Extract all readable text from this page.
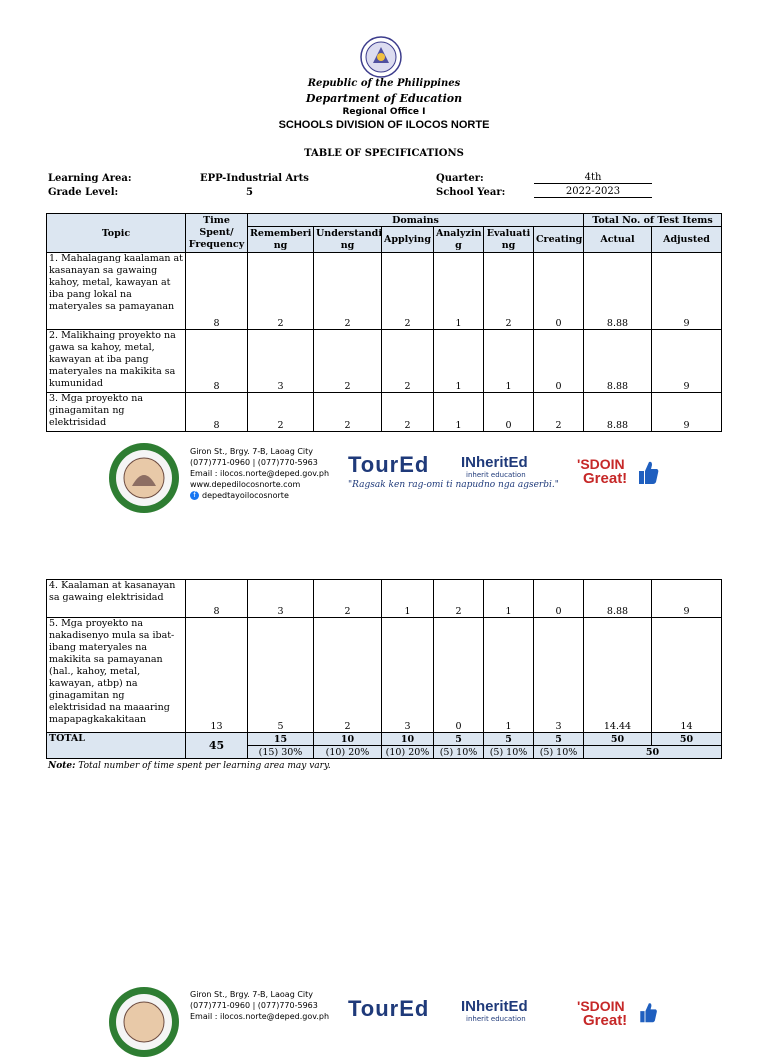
Republic of the Philippines
Department of Education
Regional Office I
SCHOOLS DIVISION OF ILOCOS NORTE
TABLE OF SPECIFICATIONS
Learning Area:	EPP-Industrial Arts
Grade Level:	5
Quarter:	4th
School Year:	2022-2023
Topic	Time Spent/ Frequency	Domains						Total No. of Test Items	
		Rememberi ng	Understandi ng	Applying	Analyzin g	Evaluati ng	Creating	Actual	Adjusted
1. Mahalagang kaalaman at kasanayan sa gawaing kahoy, metal, kawayan at iba pang lokal na materyales sa pamayanan	8	2	2	2	1	2	0	8.88	9
2. Malikhaing proyekto na gawa sa kahoy, metal, kawayan at iba pang materyales na makikita sa kumunidad	8	3	2	2	1	1	0	8.88	9
3. Mga proyekto na ginagamitan ng elektrisidad	8	2	2	2	1	0	2	8.88	9
Giron St., Brgy. 7-B, Laoag City
(077)771-0960 | (077)770-5963
Email : ilocos.norte@deped.gov.ph
www.depedilocosnorte.com
f depedtayoilocosnorte
TourEd INheritEd
inherit education
"Ragsak ken rag-omi ti napudno nga agserbi."
'SDOIN
Great!
4. Kaalaman at kasanayan sa gawaing elektrisidad	8	3	2	1	2	1	0	8.88	9
5. Mga proyekto na nakadisenyo mula sa ibat-ibang materyales na makikita sa pamayanan (hal., kahoy, metal, kawayan, atbp) na ginagamitan ng elektrisidad na maaaring mapapagkakakitaan	13	5	2	3	0	1	3	14.44	14
TOTAL	45	15	10	10	5	5	5	50	50
		(15) 30%	(10) 20%	(10) 20%	(5) 10%	(5) 10%	(5) 10%	50	
Note: Total number of time spent per learning area may vary.
Giron St., Brgy. 7-B, Laoag City
(077)771-0960 | (077)770-5963
Email : ilocos.norte@deped.gov.ph TourEd INheritEd
inherit education
'SDOIN
Great!
